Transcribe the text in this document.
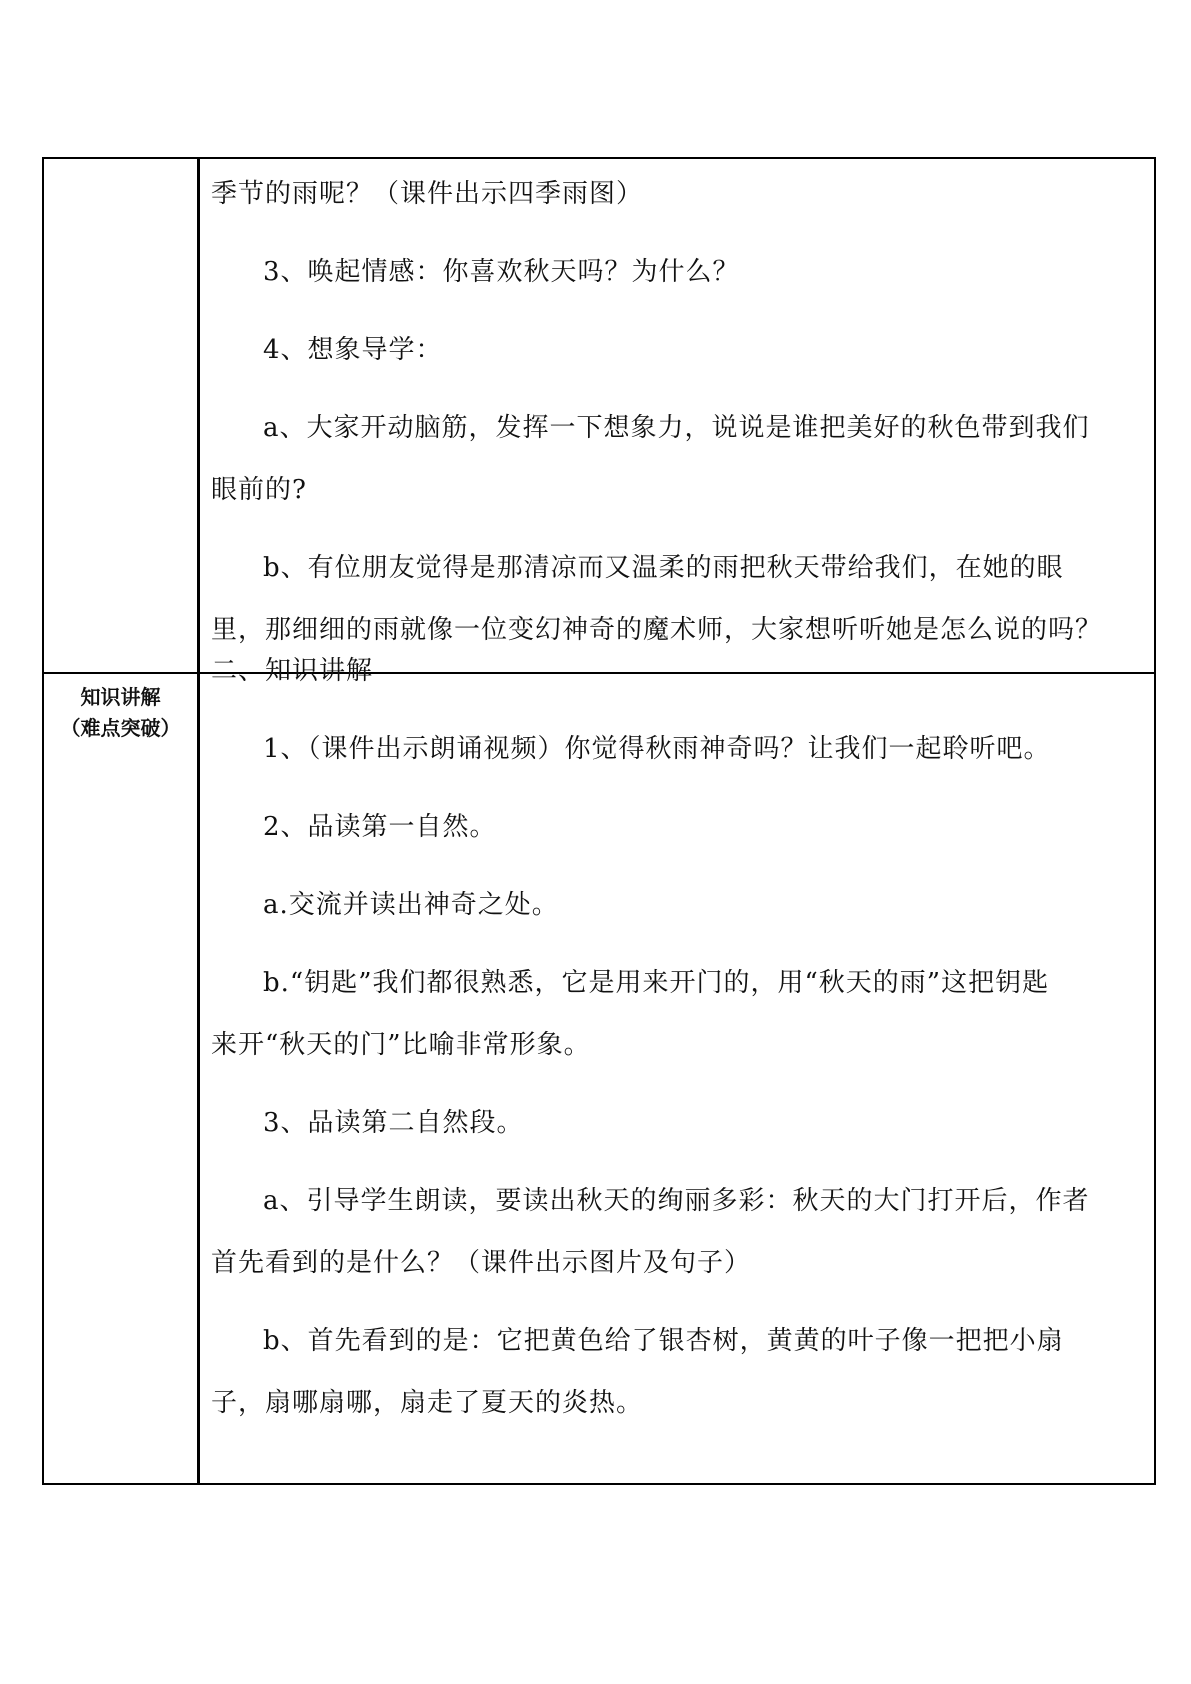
季节的雨呢？（课件出示四季雨图）
3、唤起情感：你喜欢秋天吗？为什么？
4、想象导学：
a、大家开动脑筋，发挥一下想象力，说说是谁把美好的秋色带到我们
眼前的?
b、有位朋友觉得是那清凉而又温柔的雨把秋天带给我们，在她的眼
里，那细细的雨就像一位变幻神奇的魔术师，大家想听听她是怎么说的吗？
知识讲解
（难点突破）
二、知识讲解
1、（课件出示朗诵视频）你觉得秋雨神奇吗？让我们一起聆听吧。
2、品读第一自然。
a.交流并读出神奇之处。
b.“钥匙”我们都很熟悉，它是用来开门的，用“秋天的雨”这把钥匙
来开“秋天的门”比喻非常形象。
3、品读第二自然段。
a、引导学生朗读，要读出秋天的绚丽多彩：秋天的大门打开后，作者
首先看到的是什么？（课件出示图片及句子）
b、首先看到的是：它把黄色给了银杏树，黄黄的叶子像一把把小扇
子，扇哪扇哪，扇走了夏天的炎热。
